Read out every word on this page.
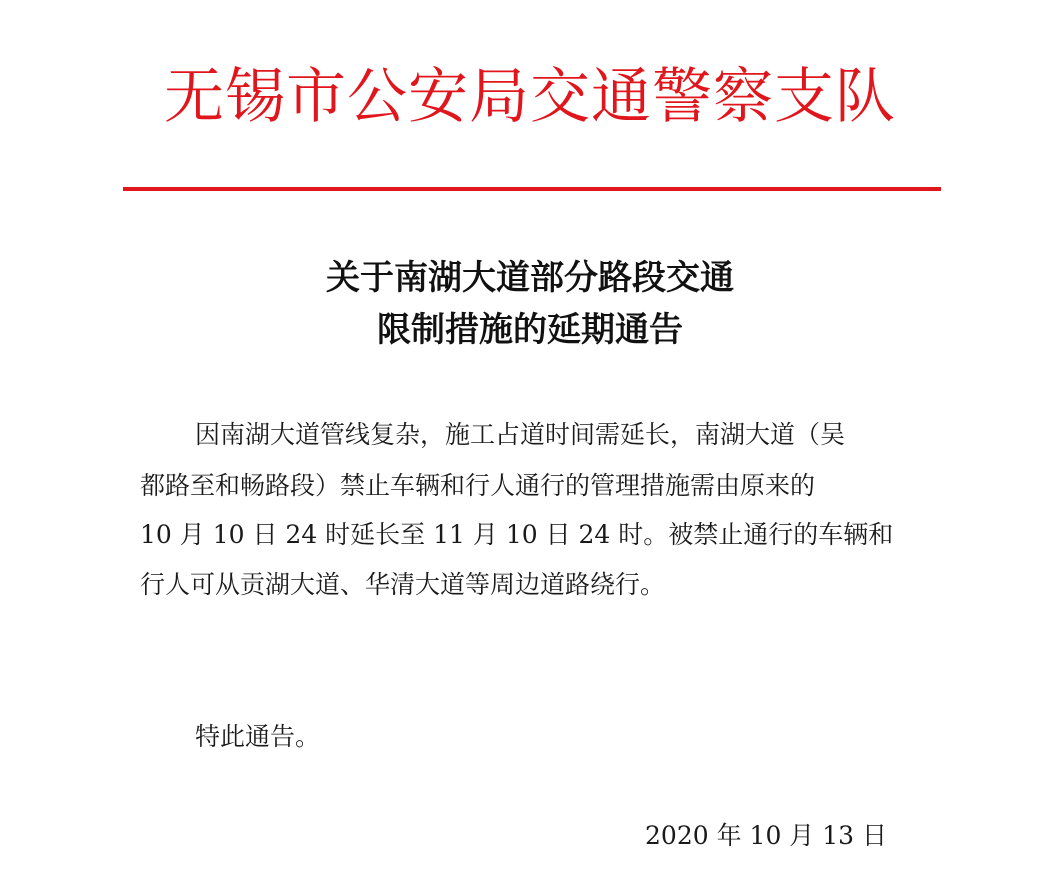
无锡市公安局交通警察支队
关于南湖大道部分路段交通
限制措施的延期通告
因南湖大道管线复杂，施工占道时间需延长，南湖大道（吴
都路至和畅路段）禁止车辆和行人通行的管理措施需由原来的
10 月 10 日 24 时延长至 11 月 10 日 24 时。被禁止通行的车辆和
行人可从贡湖大道、华清大道等周边道路绕行。
特此通告。
2020 年 10 月 13 日
